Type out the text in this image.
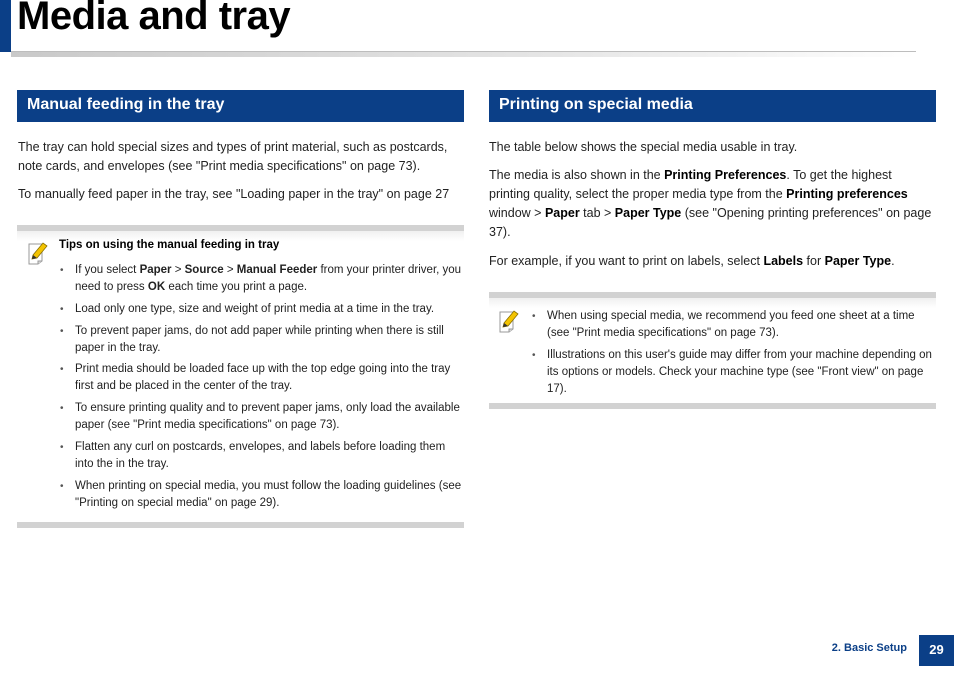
Media and tray
Manual feeding in the tray

The tray can hold special sizes and types of print material, such as postcards, note cards, and envelopes (see "Print media specifications" on page 73).

To manually feed paper in the tray, see "Loading paper in the tray" on page 27

Tips on using the manual feeding in tray

• If you select Paper > Source > Manual Feeder from your printer driver, you need to press OK each time you print a page.
• Load only one type, size and weight of print media at a time in the tray.
• To prevent paper jams, do not add paper while printing when there is still paper in the tray.
• Print media should be loaded face up with the top edge going into the tray first and be placed in the center of the tray.
• To ensure printing quality and to prevent paper jams, only load the available paper (see "Print media specifications" on page 73).
• Flatten any curl on postcards, envelopes, and labels before loading them into the in the tray.
• When printing on special media, you must follow the loading guidelines (see "Printing on special media" on page 29).
Printing on special media

The table below shows the special media usable in tray.

The media is also shown in the Printing Preferences. To get the highest printing quality, select the proper media type from the Printing preferences window > Paper tab > Paper Type (see "Opening printing preferences" on page 37).

For example, if you want to print on labels, select Labels for Paper Type.

• When using special media, we recommend you feed one sheet at a time (see "Print media specifications" on page 73).
• Illustrations on this user's guide may differ from your machine depending on its options or models. Check your machine type (see "Front view" on page 17).
2. Basic Setup	29
